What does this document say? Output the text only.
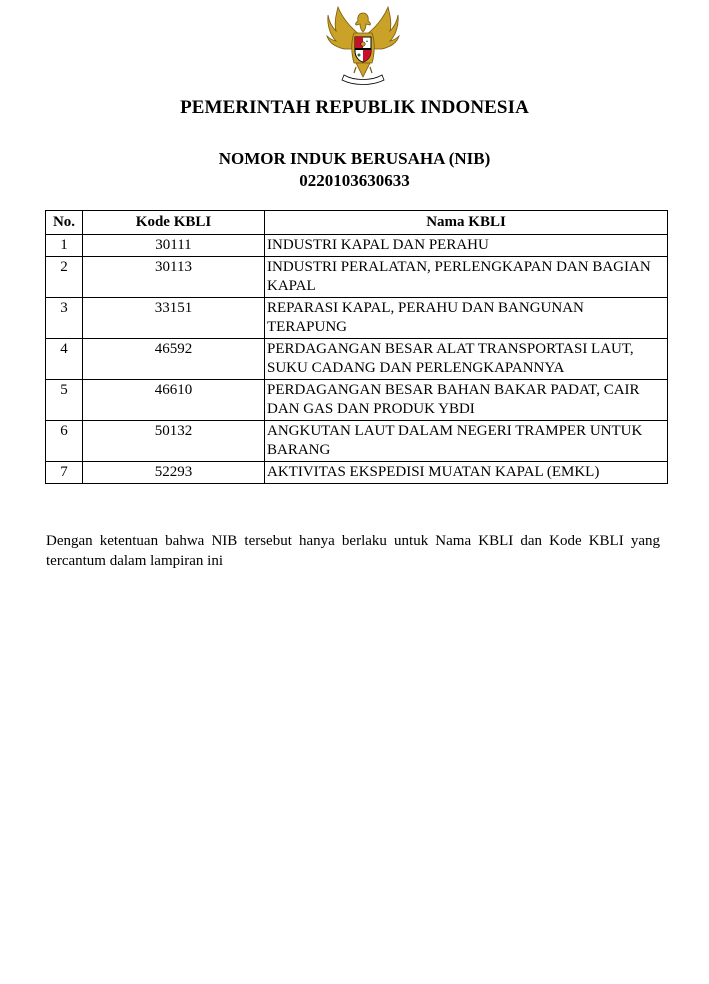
PEMERINTAH REPUBLIK INDONESIA
NOMOR INDUK BERUSAHA (NIB)
0220103630633
No.	Kode KBLI	Nama KBLI
1	30111	INDUSTRI KAPAL DAN PERAHU
2	30113	INDUSTRI PERALATAN, PERLENGKAPAN DAN BAGIAN KAPAL
3	33151	REPARASI KAPAL, PERAHU DAN BANGUNAN TERAPUNG
4	46592	PERDAGANGAN BESAR ALAT TRANSPORTASI LAUT, SUKU CADANG DAN PERLENGKAPANNYA
5	46610	PERDAGANGAN BESAR BAHAN BAKAR PADAT, CAIR DAN GAS DAN PRODUK YBDI
6	50132	ANGKUTAN LAUT DALAM NEGERI TRAMPER UNTUK BARANG
7	52293	AKTIVITAS EKSPEDISI MUATAN KAPAL (EMKL)
Dengan ketentuan bahwa NIB tersebut hanya berlaku untuk Nama KBLI dan Kode KBLI yang tercantum dalam lampiran ini
